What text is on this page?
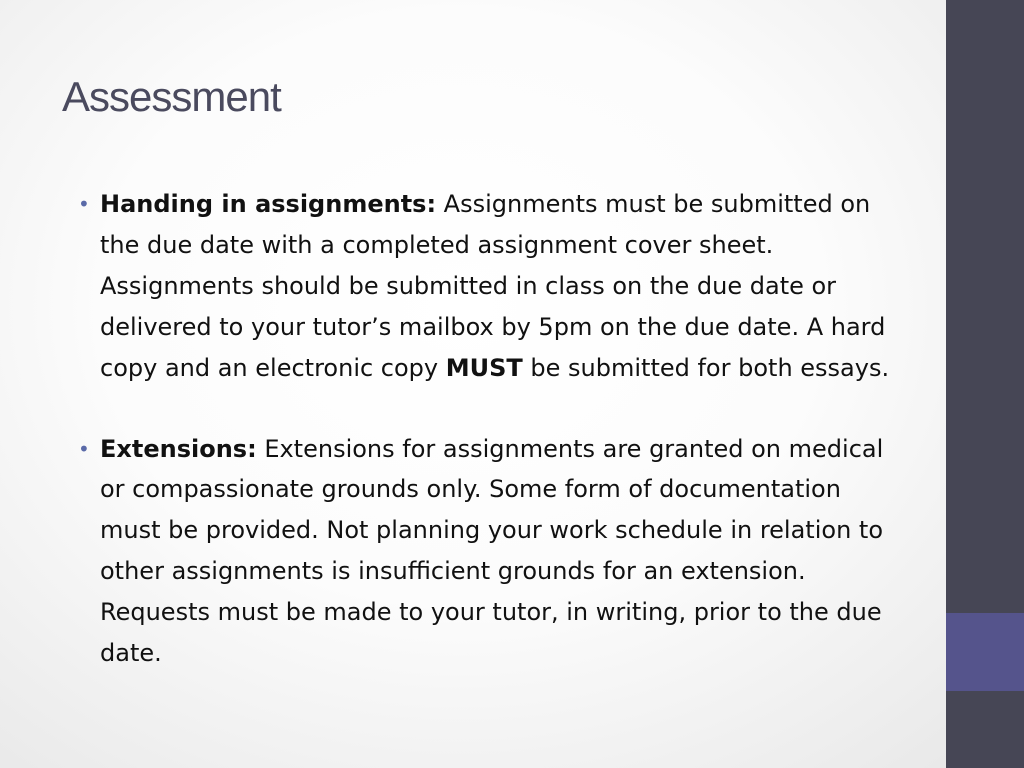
Assessment
• Handing in assignments: Assignments must be submitted on the due date with a completed assignment cover sheet. Assignments should be submitted in class on the due date or delivered to your tutor’s mailbox by 5pm on the due date. A hard copy and an electronic copy MUST be submitted for both essays.
• Extensions: Extensions for assignments are granted on medical or compassionate grounds only. Some form of documentation must be provided. Not planning your work schedule in relation to other assignments is insufficient grounds for an extension. Requests must be made to your tutor, in writing, prior to the due date.
